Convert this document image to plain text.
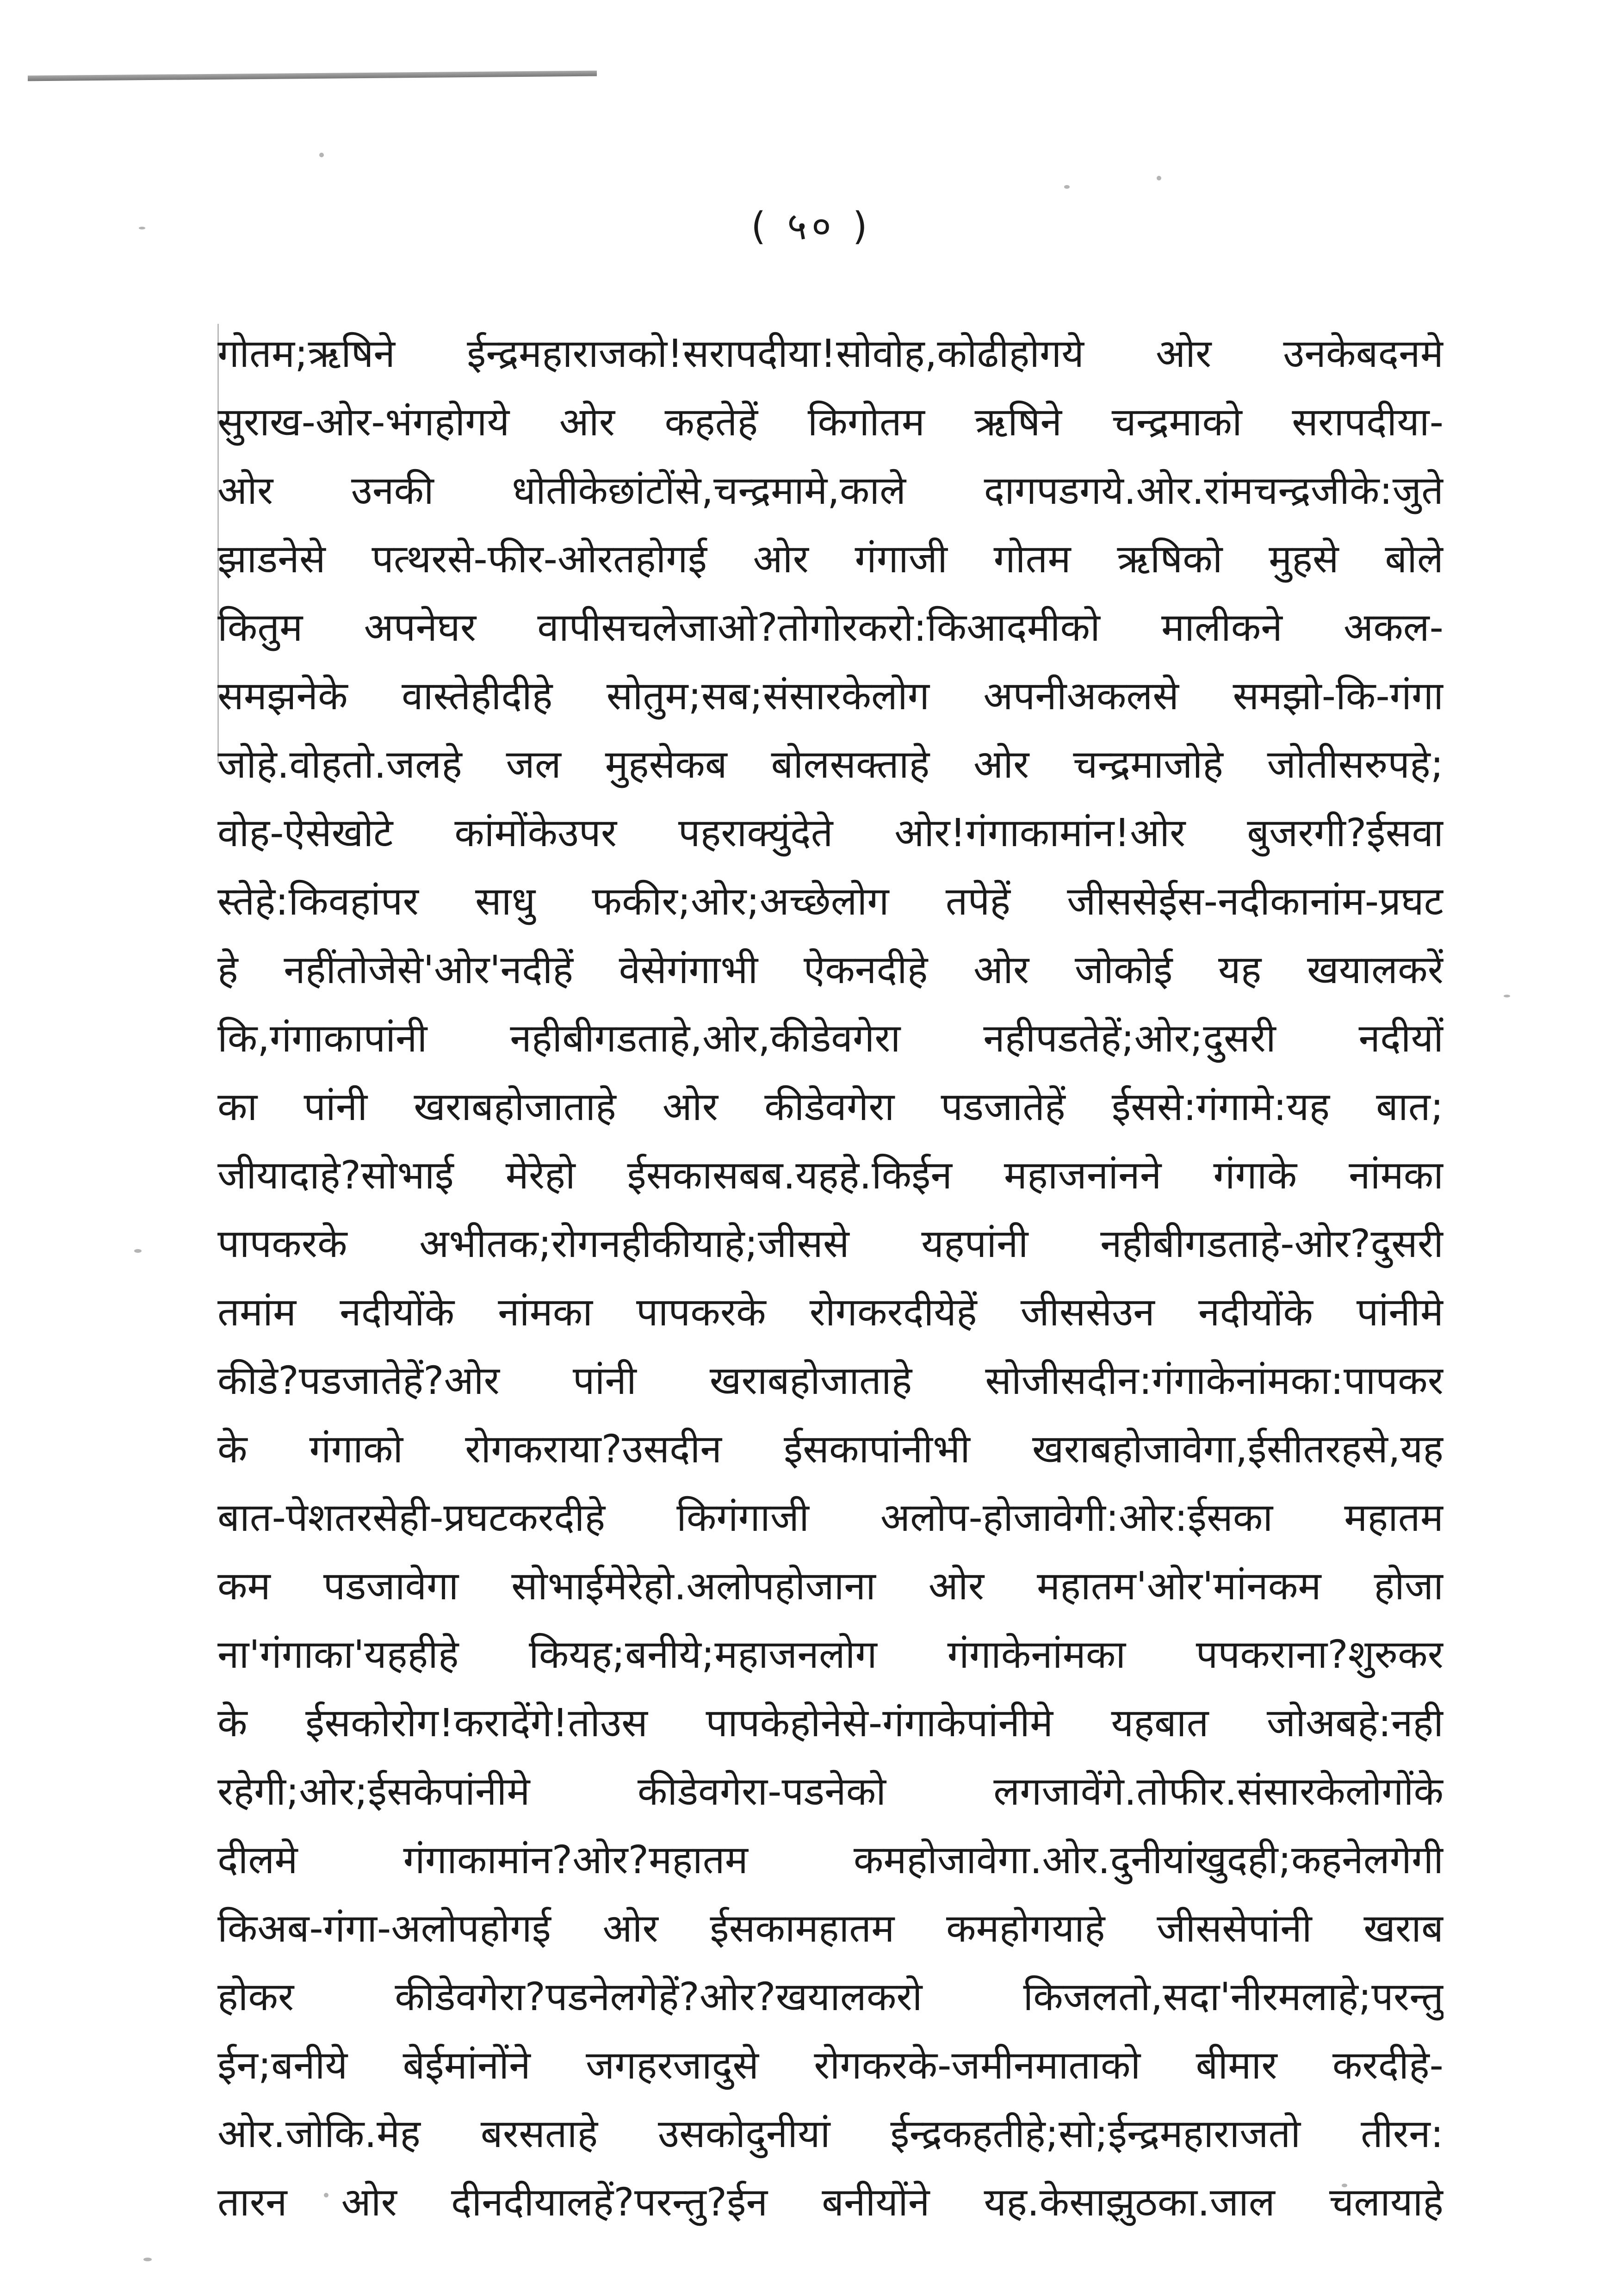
( ५० )
गोतम;ऋषिने ईन्द्रमहाराजको!सरापदीया!सोवोह,कोढीहोगये ओर उनकेबदनमे
सुराख-ओर-भंगहोगये ओर कहतेहें किगोतम ऋषिने चन्द्रमाको सरापदीया-
ओर उनकी धोतीकेछांटोंसे,चन्द्रमामे,काले दागपडगये.ओर.रांमचन्द्रजीके:जुते
झाडनेसे पत्थरसे-फीर-ओरतहोगई ओर गंगाजी गोतम ऋषिको मुहसे बोले
कितुम अपनेघर वापीसचलेजाओ?तोगोरकरो:किआदमीको मालीकने अकल-
समझनेके वास्तेहीदीहे सोतुम;सब;संसारकेलोग अपनीअकलसे समझो-कि-गंगा
जोहे.वोहतो.जलहे जल मुहसेकब बोलसक्ताहे ओर चन्द्रमाजोहे जोतीसरुपहे;
वोह-ऐसेखोटे कांमोंकेउपर पहराक्युंदेते ओर!गंगाकामांन!ओर बुजरगी?ईसवा
स्तेहे:किवहांपर साधु फकीर;ओर;अच्छेलोग तपेहें जीससेईस-नदीकानांम-प्रघट
हे नहींतोजेसे'ओर'नदीहें वेसेगंगाभी ऐकनदीहे ओर जोकोई यह खयालकरें
कि,गंगाकापांनी नहीबीगडताहे,ओर,कीडेवगेरा नहीपडतेहें;ओर;दुसरी नदीयों
का पांनी खराबहोजाताहे ओर कीडेवगेरा पडजातेहें ईससे:गंगामे:यह बात;
जीयादाहे?सोभाई मेरेहो ईसकासबब.यहहे.किईन महाजनांनने गंगाके नांमका
पापकरके अभीतक;रोगनहीकीयाहे;जीससे यहपांनी नहीबीगडताहे-ओर?दुसरी
तमांम नदीयोंके नांमका पापकरके रोगकरदीयेहें जीससेउन नदीयोंके पांनीमे
कीडे?पडजातेहें?ओर पांनी खराबहोजाताहे सोजीसदीन:गंगाकेनांमका:पापकर
के गंगाको रोगकराया?उसदीन ईसकापांनीभी खराबहोजावेगा,ईसीतरहसे,यह
बात-पेशतरसेही-प्रघटकरदीहे किगंगाजी अलोप-होजावेगी:ओर:ईसका महातम
कम पडजावेगा सोभाईमेरेहो.अलोपहोजाना ओर महातम'ओर'मांनकम होजा
ना'गंगाका'यहहीहे कियह;बनीये;महाजनलोग गंगाकेनांमका पपकराना?शुरुकर
के ईसकोरोग!करादेंगे!तोउस पापकेहोनेसे-गंगाकेपांनीमे यहबात जोअबहे:नही
रहेगी;ओर;ईसकेपांनीमे कीडेवगेरा-पडनेको लगजावेंगे.तोफीर.संसारकेलोगोंके
दीलमे गंगाकामांन?ओर?महातम कमहोजावेगा.ओर.दुनीयांखुदही;कहनेलगेगी
किअब-गंगा-अलोपहोगई ओर ईसकामहातम कमहोगयाहे जीससेपांनी खराब
होकर कीडेवगेरा?पडनेलगेहें?ओर?खयालकरो किजलतो,सदा'नीरमलाहे;परन्तु
ईन;बनीये बेईमांनोंने जगहरजादुसे रोगकरके-जमीनमाताको बीमार करदीहे-
ओर.जोकि.मेह बरसताहे उसकोदुनीयां ईन्द्रकहतीहे;सो;ईन्द्रमहाराजतो तीरन:
तारन ओर दीनदीयालहें?परन्तु?ईन बनीयोंने यह.केसाझुठका.जाल चलायाहे
